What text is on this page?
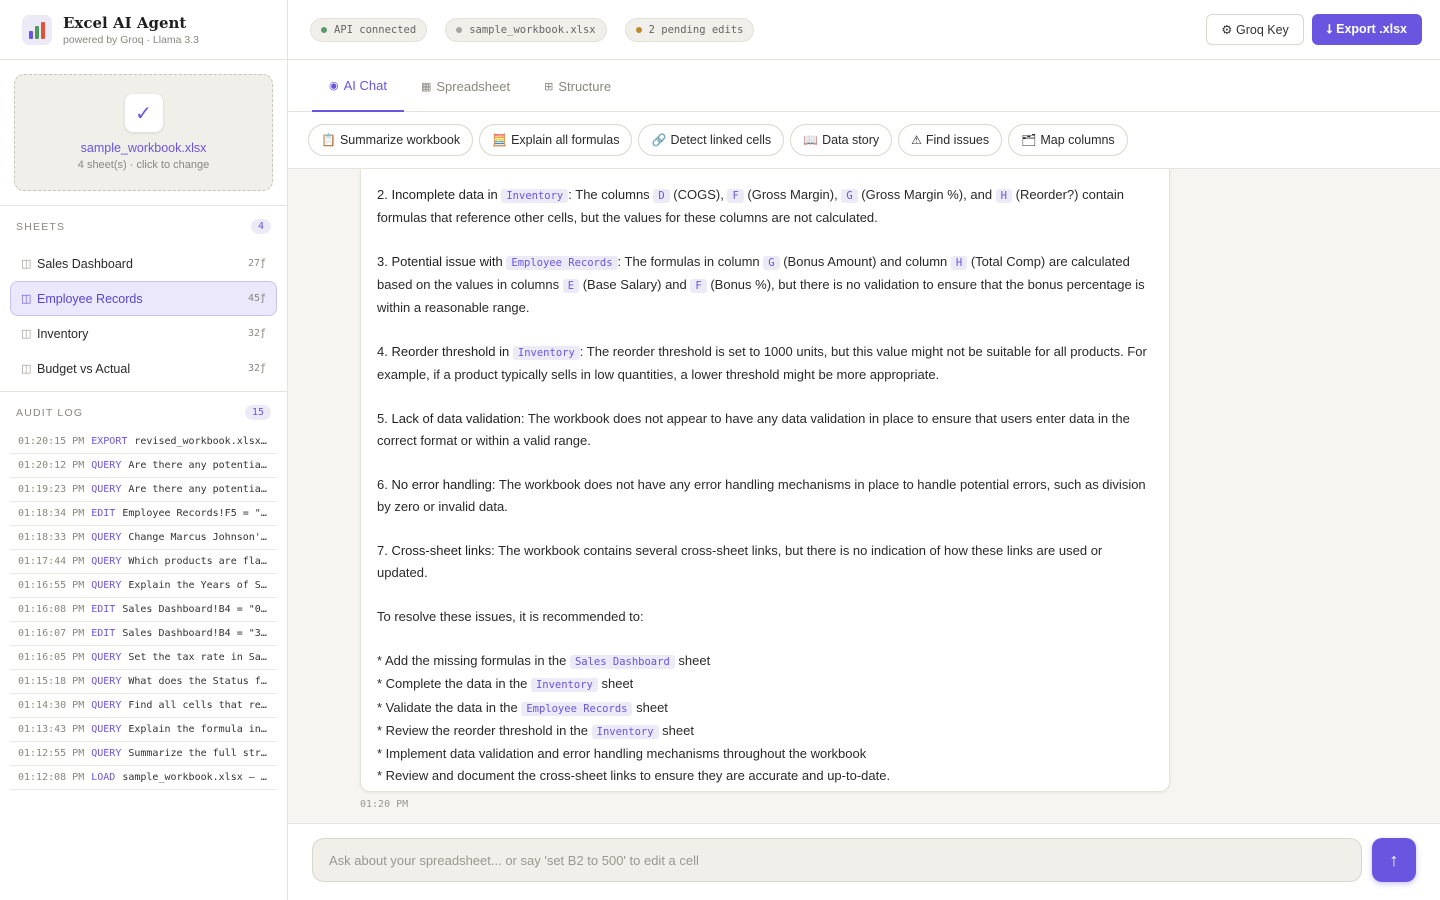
Excel AI Agent
powered by Groq · Llama 3.3
✓
sample_workbook.xlsx
4 sheet(s) · click to change
SHEETS	4
◫ Sales Dashboard	27ƒ
◫ Employee Records	45ƒ
◫ Inventory	32ƒ
◫ Budget vs Actual	32ƒ
AUDIT LOG	15
01:20:15 PM EXPORT revised_workbook.xlsx…
01:20:12 PM QUERY Are there any potentia…
01:19:23 PM QUERY Are there any potentia…
01:18:34 PM EDIT Employee Records!F5 = "…
01:18:33 PM QUERY Change Marcus Johnson'…
01:17:44 PM QUERY Which products are fla…
01:16:55 PM QUERY Explain the Years of S…
01:16:08 PM EDIT Sales Dashboard!B4 = "0…
01:16:07 PM EDIT Sales Dashboard!B4 = "3…
01:16:05 PM QUERY Set the tax rate in Sa…
01:15:18 PM QUERY What does the Status f…
01:14:30 PM QUERY Find all cells that re…
01:13:43 PM QUERY Explain the formula in…
01:12:55 PM QUERY Summarize the full str…
01:12:08 PM LOAD sample_workbook.xlsx — …
API connected	sample_workbook.xlsx	2 pending edits	⚙ Groq Key	⭣ Export .xlsx
◉ AI Chat	▦ Spreadsheet	⊞ Structure
📋 Summarize workbook	🧮 Explain all formulas	🔗 Detect linked cells	📖 Data story	⚠ Find issues	🗂 Map columns

2. Incomplete data in Inventory : The columns D (COGS), F (Gross Margin), G (Gross Margin %), and H (Reorder?) contain formulas that reference other cells, but the values for these columns are not calculated.

3. Potential issue with Employee Records : The formulas in column G (Bonus Amount) and column H (Total Comp) are calculated based on the values in columns E (Base Salary) and F (Bonus %), but there is no validation to ensure that the bonus percentage is within a reasonable range.

4. Reorder threshold in Inventory : The reorder threshold is set to 1000 units, but this value might not be suitable for all products. For example, if a product typically sells in low quantities, a lower threshold might be more appropriate.

5. Lack of data validation: The workbook does not appear to have any data validation in place to ensure that users enter data in the correct format or within a valid range.

6. No error handling: The workbook does not have any error handling mechanisms in place to handle potential errors, such as division by zero or invalid data.

7. Cross-sheet links: The workbook contains several cross-sheet links, but there is no indication of how these links are used or updated.

To resolve these issues, it is recommended to:

* Add the missing formulas in the Sales Dashboard sheet
* Complete the data in the Inventory sheet
* Validate the data in the Employee Records sheet
* Review the reorder threshold in the Inventory sheet
* Implement data validation and error handling mechanisms throughout the workbook
* Review and document the cross-sheet links to ensure they are accurate and up-to-date.
01:20 PM
Ask about your spreadsheet... or say 'set B2 to 500' to edit a cell
↑
